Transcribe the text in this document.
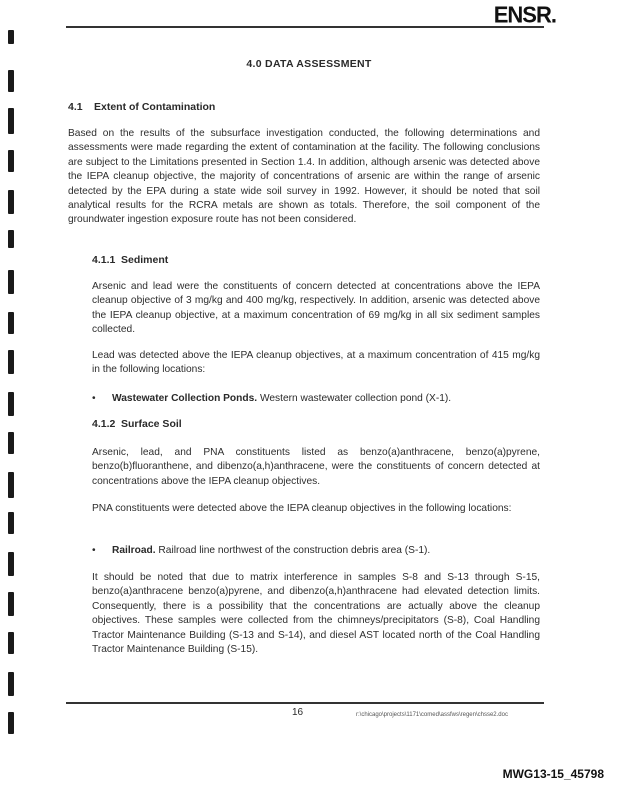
ENSR .
4.0 DATA ASSESSMENT
4.1 Extent of Contamination
Based on the results of the subsurface investigation conducted, the following determinations and assessments were made regarding the extent of contamination at the facility. The following conclusions are subject to the Limitations presented in Section 1.4. In addition, although arsenic was detected above the IEPA cleanup objective, the majority of concentrations of arsenic are within the range of arsenic detected by the EPA during a state wide soil survey in 1992. However, it should be noted that soil analytical results for the RCRA metals are shown as totals. Therefore, the soil component of the groundwater ingestion exposure route has not been considered.
4.1.1 Sediment
Arsenic and lead were the constituents of concern detected at concentrations above the IEPA cleanup objective of 3 mg/kg and 400 mg/kg, respectively. In addition, arsenic was detected above the IEPA cleanup objective, at a maximum concentration of 69 mg/kg in all six sediment samples collected.
Lead was detected above the IEPA cleanup objectives, at a maximum concentration of 415 mg/kg in the following locations:
• Wastewater Collection Ponds. Western wastewater collection pond (X-1).
4.1.2 Surface Soil
Arsenic, lead, and PNA constituents listed as benzo(a)anthracene, benzo(a)pyrene, benzo(b)fluoranthene, and dibenzo(a,h)anthracene, were the constituents of concern detected at concentrations above the IEPA cleanup objectives.
PNA constituents were detected above the IEPA cleanup objectives in the following locations:
• Railroad. Railroad line northwest of the construction debris area (S-1).
It should be noted that due to matrix interference in samples S-8 and S-13 through S-15, benzo(a)anthracene benzo(a)pyrene, and dibenzo(a,h)anthracene had elevated detection limits. Consequently, there is a possibility that the concentrations are actually above the cleanup objectives. These samples were collected from the chimneys/precipitators (S-8), Coal Handling Tractor Maintenance Building (S-13 and S-14), and diesel AST located north of the Coal Handling Tractor Maintenance Building (S-15).
16	r:\chicago\projects\1171\comed\assfws\regen\chsse2.doc
MWG13-15_45798
